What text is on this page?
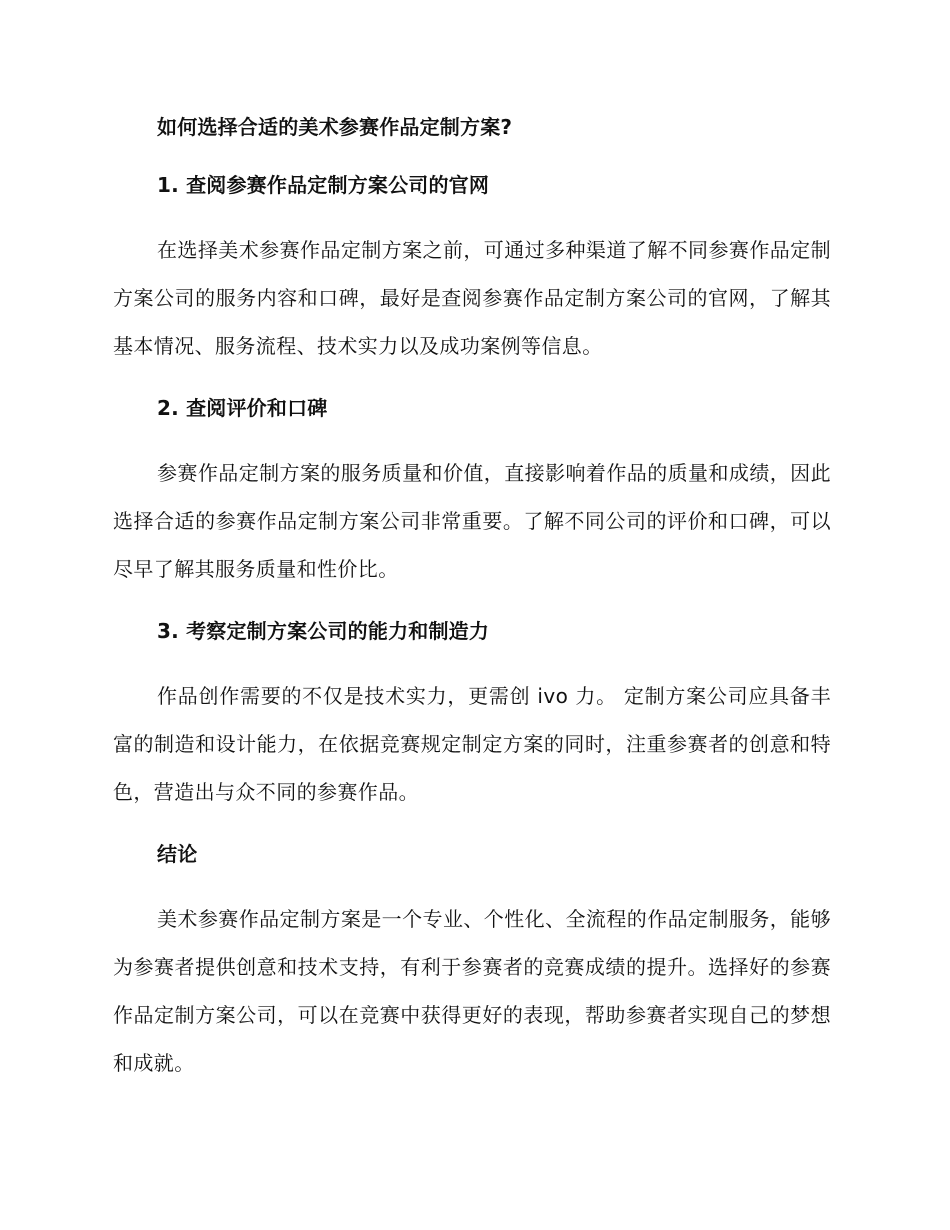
如何选择合适的美术参赛作品定制方案?
1. 查阅参赛作品定制方案公司的官网
在选择美术参赛作品定制方案之前，可通过多种渠道了解不同参赛作品定制方案公司的服务内容和口碑，最好是查阅参赛作品定制方案公司的官网，了解其基本情况、服务流程、技术实力以及成功案例等信息。
2. 查阅评价和口碑
参赛作品定制方案的服务质量和价值，直接影响着作品的质量和成绩，因此选择合适的参赛作品定制方案公司非常重要。了解不同公司的评价和口碑，可以尽早了解其服务质量和性价比。
3. 考察定制方案公司的能力和制造力
作品创作需要的不仅是技术实力，更需创 ivo 力。 定制方案公司应具备丰富的制造和设计能力，在依据竞赛规定制定方案的同时，注重参赛者的创意和特色，营造出与众不同的参赛作品。
结论
美术参赛作品定制方案是一个专业、个性化、全流程的作品定制服务，能够为参赛者提供创意和技术支持，有利于参赛者的竞赛成绩的提升。选择好的参赛作品定制方案公司，可以在竞赛中获得更好的表现，帮助参赛者实现自己的梦想和成就。
